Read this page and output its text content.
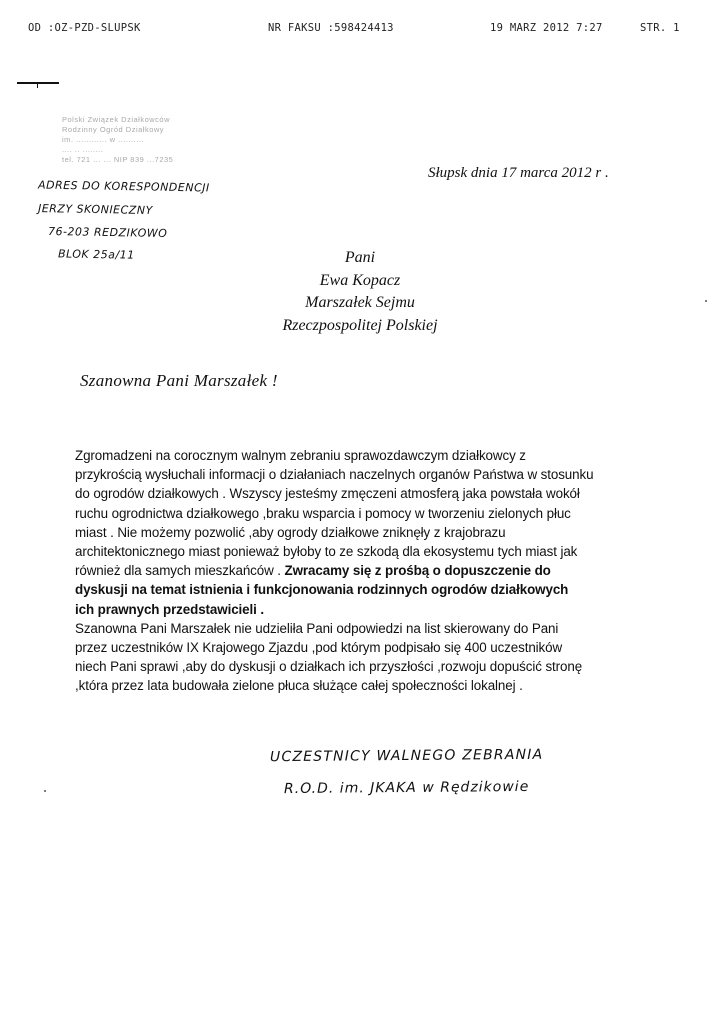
OD :OZ-PZD-SLUPSK	NR FAKSU :598424413	19 MARZ 2012 7:27	STR. 1
Polski Związek Działkowców
Rodzinny Ogród Działkowy
im. ............ w ..........
.... .. ........
tel. 721 ... ... NIP 839 ...7235
ADRES DO KORESPONDENCJI
JERZY SKONIECZNY
76-203 REDZIKOWO
BLOK 25a/11
Słupsk dnia 17 marca 2012 r .
Pani
Ewa Kopacz
Marszałek Sejmu
Rzeczpospolitej Polskiej
Szanowna Pani Marszałek !
Zgromadzeni na corocznym walnym zebraniu sprawozdawczym działkowcy z
przykrością wysłuchali informacji o działaniach naczelnych organów Państwa w stosunku
do ogrodów działkowych . Wszyscy jesteśmy zmęczeni atmosferą jaka powstała wokół
ruchu ogrodnictwa działkowego ,braku wsparcia i pomocy w tworzeniu zielonych płuc
miast . Nie możemy pozwolić ,aby ogrody działkowe zniknęły z krajobrazu
architektonicznego miast ponieważ byłoby to ze szkodą dla ekosystemu tych miast jak
również dla samych mieszkańców . Zwracamy się z prośbą o dopuszczenie do
dyskusji na temat istnienia i funkcjonowania rodzinnych ogrodów działkowych
ich prawnych przedstawicieli .
Szanowna Pani Marszałek nie udzieliła Pani odpowiedzi na list skierowany do Pani
przez uczestników IX Krajowego Zjazdu ,pod którym podpisało się 400 uczestników
niech Pani sprawi ,aby do dyskusji o działkach ich przyszłości ,rozwoju dopuścić stronę
,która przez lata budowała zielone płuca służące całej społeczności lokalnej .
UCZESTNICY WALNEGO ZEBRANIA
R.O.D. im. JKAKA w Rędzikowie
